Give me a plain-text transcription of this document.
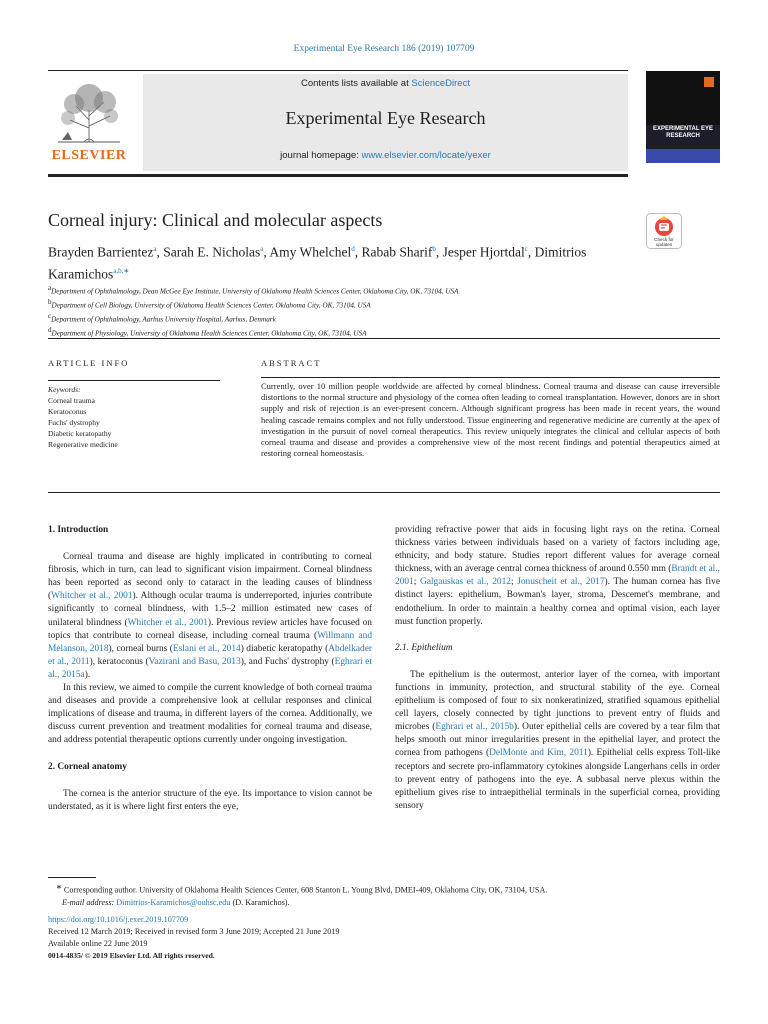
Experimental Eye Research 186 (2019) 107709
ELSEVIER
Contents lists available at ScienceDirect
Experimental Eye Research
journal homepage: www.elsevier.com/locate/yexer
EXPERIMENTAL EYE RESEARCH
Corneal injury: Clinical and molecular aspects
Check for
updates
Brayden Barrientez$^a$, Sarah E. Nicholas$^a$, Amy Whelchel$^d$, Rabab Sharif$^b$, Jesper Hjortdal$^c$, Dimitrios Karamichos$^{a,b,∗}$
$^a$Department of Ophthalmology, Dean McGee Eye Institute, University of Oklahoma Health Sciences Center, Oklahoma City, OK, 73104, USA
$^b$Department of Cell Biology, University of Oklahoma Health Sciences Center, Oklahoma City, OK, 73104, USA
$^c$Department of Ophthalmology, Aarhus University Hospital, Aarhus, Denmark
$^d$Department of Physiology, University of Oklahoma Health Sciences Center, Oklahoma City, OK, 73104, USA
ARTICLE INFO
Keywords:
Corneal trauma
Keratoconus
Fuchs' dystrophy
Diabetic keratopathy
Regenerative medicine
ABSTRACT
Currently, over 10 million people worldwide are affected by corneal blindness. Corneal trauma and disease can cause irreversible distortions to the normal structure and physiology of the cornea often leading to corneal transplantation. However, donors are in short supply and risk of rejection is an ever-present concern. Although significant progress has been made in recent years, the wound healing cascade remains complex and not fully understood. Tissue engineering and regenerative medicine are currently at the apex of investigation in the pursuit of novel corneal therapeutics. This review uniquely integrates the clinical and cellular aspects of both corneal trauma and disease and provides a comprehensive view of the most recent findings and potential therapeutics aimed at restoring corneal homeostasis.
1. Introduction

Corneal trauma and disease are highly implicated in contributing to corneal fibrosis, which in turn, can lead to significant vision impairment. Corneal blindness has been reported as second only to cataract in the leading causes of blindness (Whitcher et al., 2001). Although ocular trauma is underreported, injuries contribute significantly to corneal blindness, with 1.5–2 million estimated new cases of unilateral blindness (Whitcher et al., 2001). Previous review articles have focused on topics that contribute to corneal disease, including corneal trauma (Willmann and Melanson, 2018), corneal burns (Eslani et al., 2014) diabetic keratopathy (Abdelkader et al., 2011), keratoconus (Vazirani and Basu, 2013), and Fuchs' dystrophy (Eghrari et al., 2015a).

In this review, we aimed to compile the current knowledge of both corneal trauma and diseases and provide a comprehensive look at cellular responses and clinical implications of disease and trauma, in different layers of the cornea. Additionally, we discuss current prevention and treatment modalities for corneal trauma and disease, and address potential therapeutic options currently under ongoing investigation.

2. Corneal anatomy

The cornea is the anterior structure of the eye. Its importance to vision cannot be understated, as it is where light first enters the eye,

providing refractive power that aids in focusing light rays on the retina. Corneal thickness varies between individuals based on a variety of factors including age, ethnicity, and body stature. Studies report different values for average corneal thickness, with an average central cornea thickness of around 0.550 mm (Brandt et al., 2001; Galgauskas et al., 2012; Jonuscheit et al., 2017). The human cornea has five distinct layers: epithelium, Bowman's layer, stroma, Descemet's membrane, and endothelium. In order to maintain a healthy cornea and optimal vision, each layer must function properly.

2.1. Epithelium

The epithelium is the outermost, anterior layer of the cornea, with important functions in immunity, protection, and structural stability of the eye. Corneal epithelium is composed of four to six nonkeratinized, stratified squamous epithelial cell layers, closely connected by tight junctions to prevent entry of fluids and microbes (Eghrari et al., 2015b). Outer epithelial cells are covered by a tear film that helps smooth out minor irregularities present in the epithelial layer, and protect the cornea from pathogens (DelMonte and Kim, 2011). Epithelial cells express Toll-like receptors and secrete pro-inflammatory cytokines alongside Langerhans cells in order to prevent entry of pathogens into the eye. A subbasal nerve plexus within the epithelium gives rise to intraepithelial terminals in the superficial cornea, providing sensory

∗ Corresponding author. University of Oklahoma Health Sciences Center, 608 Stanton L. Young Blvd, DMEI-409, Oklahoma City, OK, 73104, USA.
E-mail address: Dimitrios-Karamichos@ouhsc.edu (D. Karamichos).
https://doi.org/10.1016/j.exer.2019.107709
Received 12 March 2019; Received in revised form 3 June 2019; Accepted 21 June 2019
Available online 22 June 2019
0014-4835/ © 2019 Elsevier Ltd. All rights reserved.
